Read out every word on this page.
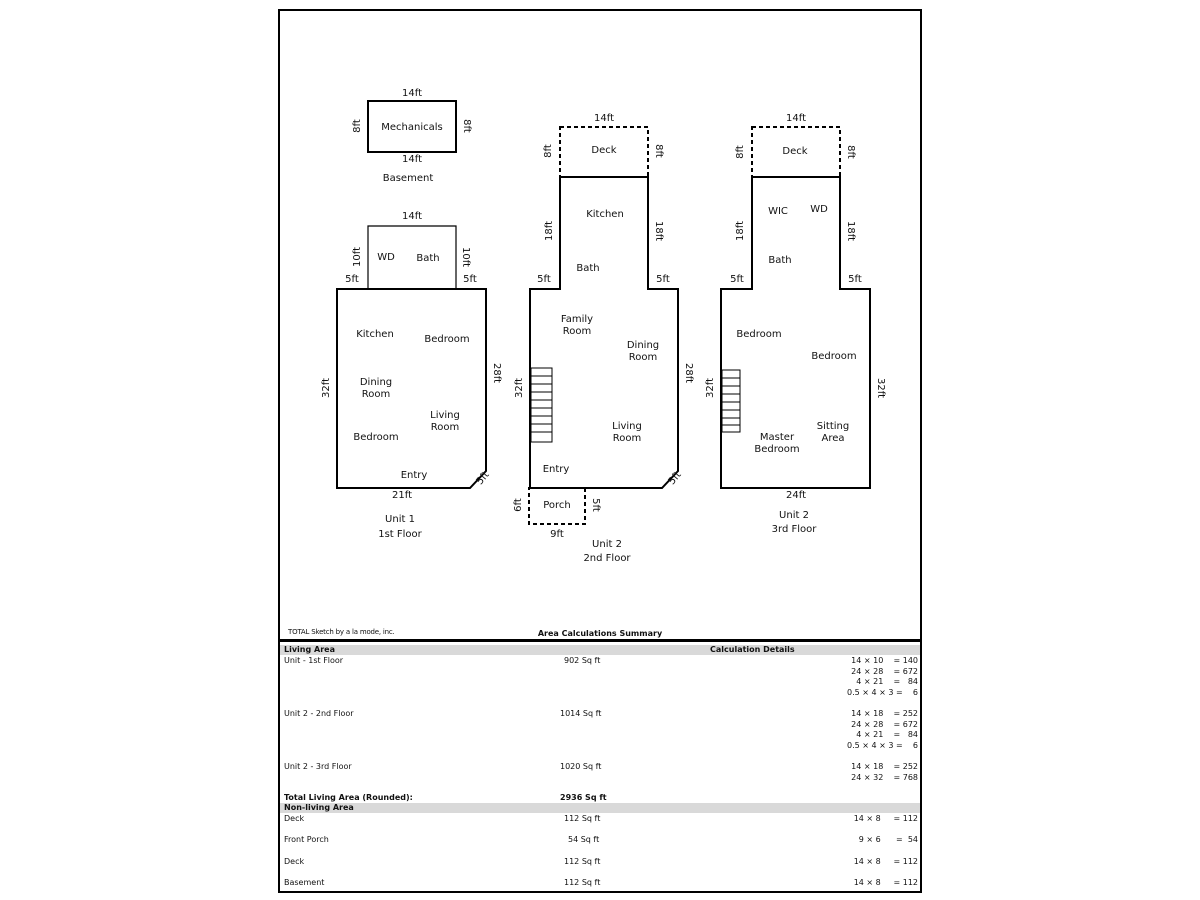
Mechanicals
14ft
14ft
8ft	8ft
Basement
14ft
10ft	10ft
5ft	5ft
32ft
28ft
21ft
5ft
WD Bath
Kitchen	Bedroom
Dining Room
Living Room
Bedroom
Entry
Unit 1
1st Floor
14ft
8ft	8ft
18ft	18ft
5ft	5ft
32ft
28ft
5ft
6ft	5ft
9ft
Deck
Kitchen
Bath
Family Room
Dining Room
Living Room
Entry
Porch
Unit 2
2nd Floor
14ft
8ft	8ft
18ft	18ft
5ft	5ft
32ft	32ft
24ft
Deck
WIC WD
Bath
Bedroom
Bedroom
Master Bedroom
Sitting Area
Unit 2
3rd Floor
TOTAL Sketch by a la mode, inc.	Area Calculations Summary
Living Area	Calculation Details
Unit - 1st Floor	902 Sq ft	14 × 10    = 140
24 × 28    = 672
4 × 21    =   84
0.5 × 4 × 3 =    6
Unit 2 - 2nd Floor	1014 Sq ft	14 × 18    = 252
24 × 28    = 672
4 × 21    =   84
0.5 × 4 × 3 =    6
Unit 2 - 3rd Floor	1020 Sq ft	14 × 18    = 252
24 × 32    = 768
Total Living Area (Rounded):	2936 Sq ft
Non-living Area
Deck	112 Sq ft	14 × 8     = 112
Front Porch	54 Sq ft	9 × 6      =  54
Deck	112 Sq ft	14 × 8     = 112
Basement	112 Sq ft	14 × 8     = 112
